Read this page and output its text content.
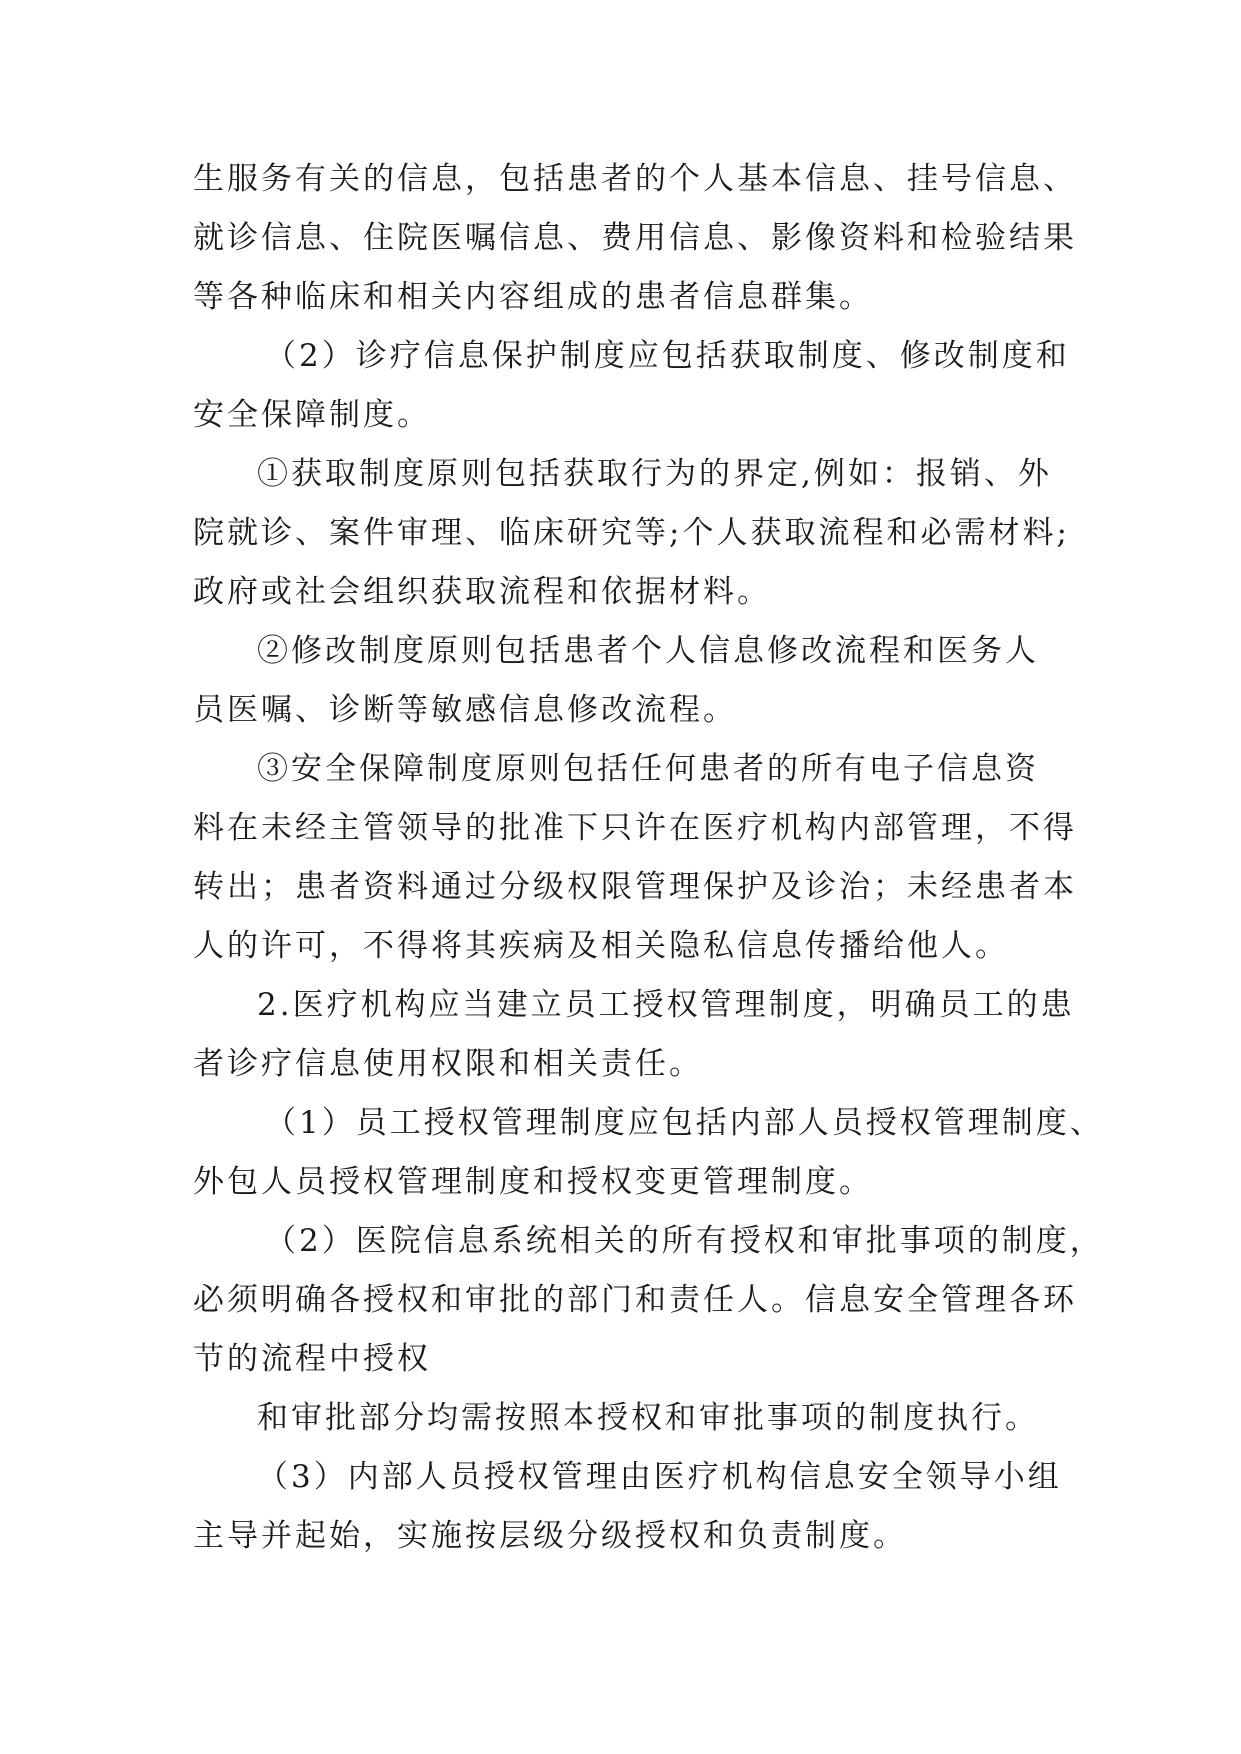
生服务有关的信息，包括患者的个人基本信息、挂号信息、
就诊信息、住院医嘱信息、费用信息、影像资料和检验结果
等各种临床和相关内容组成的患者信息群集。
（2）诊疗信息保护制度应包括获取制度、修改制度和
安全保障制度。
①获取制度原则包括获取行为的界定,例如：报销、外
院就诊、案件审理、临床研究等;个人获取流程和必需材料;
政府或社会组织获取流程和依据材料。
②修改制度原则包括患者个人信息修改流程和医务人
员医嘱、诊断等敏感信息修改流程。
③安全保障制度原则包括任何患者的所有电子信息资
料在未经主管领导的批准下只许在医疗机构内部管理，不得
转出；患者资料通过分级权限管理保护及诊治；未经患者本
人的许可，不得将其疾病及相关隐私信息传播给他人。
2.医疗机构应当建立员工授权管理制度，明确员工的患
者诊疗信息使用权限和相关责任。
（1）员工授权管理制度应包括内部人员授权管理制度、
外包人员授权管理制度和授权变更管理制度。
（2）医院信息系统相关的所有授权和审批事项的制度，
必须明确各授权和审批的部门和责任人。信息安全管理各环
节的流程中授权
和审批部分均需按照本授权和审批事项的制度执行。
（3）内部人员授权管理由医疗机构信息安全领导小组
主导并起始，实施按层级分级授权和负责制度。
